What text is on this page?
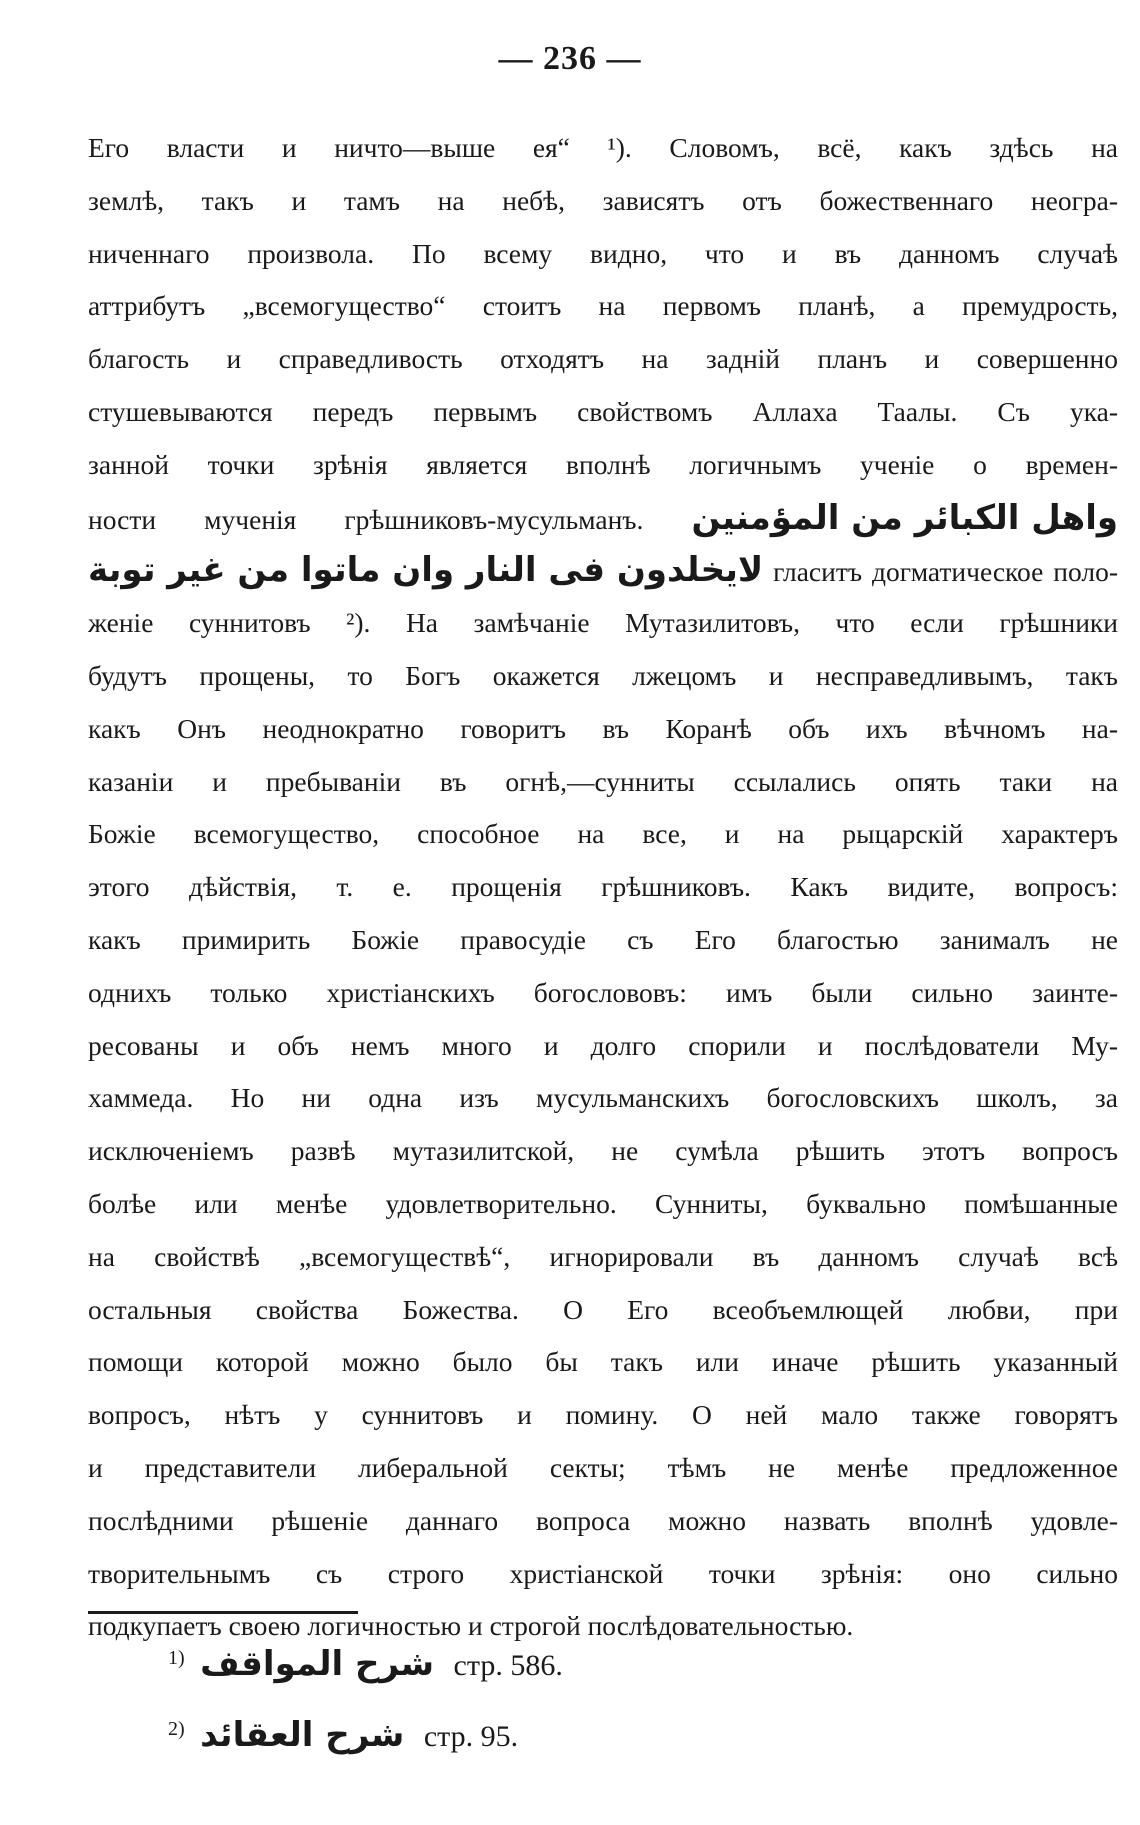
— 236 —
Его власти и ничто—выше ея“ ¹). Словомъ, всё, какъ здѣсь на
землѣ, такъ и тамъ на небѣ, зависятъ отъ божественнаго неогра-
ниченнаго произвола. По всему видно, что и въ данномъ случаѣ
аттрибутъ „всемогущество“ стоитъ на первомъ планѣ, а премудрость,
благость и справедливость отходятъ на задній планъ и совершенно
стушевываются передъ первымъ свойствомъ Аллаха Таалы. Съ ука-
занной точки зрѣнія является вполнѣ логичнымъ ученіе о времен-
ности мученія грѣшниковъ-мусульманъ. واهل الكبائر من المؤمنين
لايخلدون فى النار وان ماتوا من غير توبة гласитъ догматическое поло-
женіе суннитовъ ²). На замѣчаніе Мутазилитовъ, что если грѣшники
будутъ прощены, то Богъ окажется лжецомъ и несправедливымъ, такъ
какъ Онъ неоднократно говоритъ въ Коранѣ объ ихъ вѣчномъ на-
казаніи и пребываніи въ огнѣ,—сунниты ссылались опять таки на
Божіе всемогущество, способное на все, и на рыцарскій характеръ
этого дѣйствія, т. е. прощенія грѣшниковъ. Какъ видите, вопросъ:
какъ примирить Божіе правосудіе съ Его благостью занималъ не
однихъ только христіанскихъ богослововъ: имъ были сильно заинте-
ресованы и объ немъ много и долго спорили и послѣдователи Му-
хаммеда. Но ни одна изъ мусульманскихъ богословскихъ школъ, за
исключеніемъ развѣ мутазилитской, не сумѣла рѣшить этотъ вопросъ
болѣе или менѣе удовлетворительно. Сунниты, буквально помѣшанные
на свойствѣ „всемогуществѣ“, игнорировали въ данномъ случаѣ всѣ
остальныя свойства Божества. О Его всеобъемлющей любви, при
помощи которой можно было бы такъ или иначе рѣшить указанный
вопросъ, нѣтъ у суннитовъ и помину. О ней мало также говорятъ
и представители либеральной секты; тѣмъ не менѣе предложенное
послѣдними рѣшеніе даннаго вопроса можно назвать вполнѣ удовле-
творительнымъ съ строго христіанской точки зрѣнія: оно сильно
подкупаетъ своею логичностью и строгой послѣдовательностью.
$^{1)}$ شرح المواقف стр. 586.
$^{2)}$ شرح العقائد стр. 95.
